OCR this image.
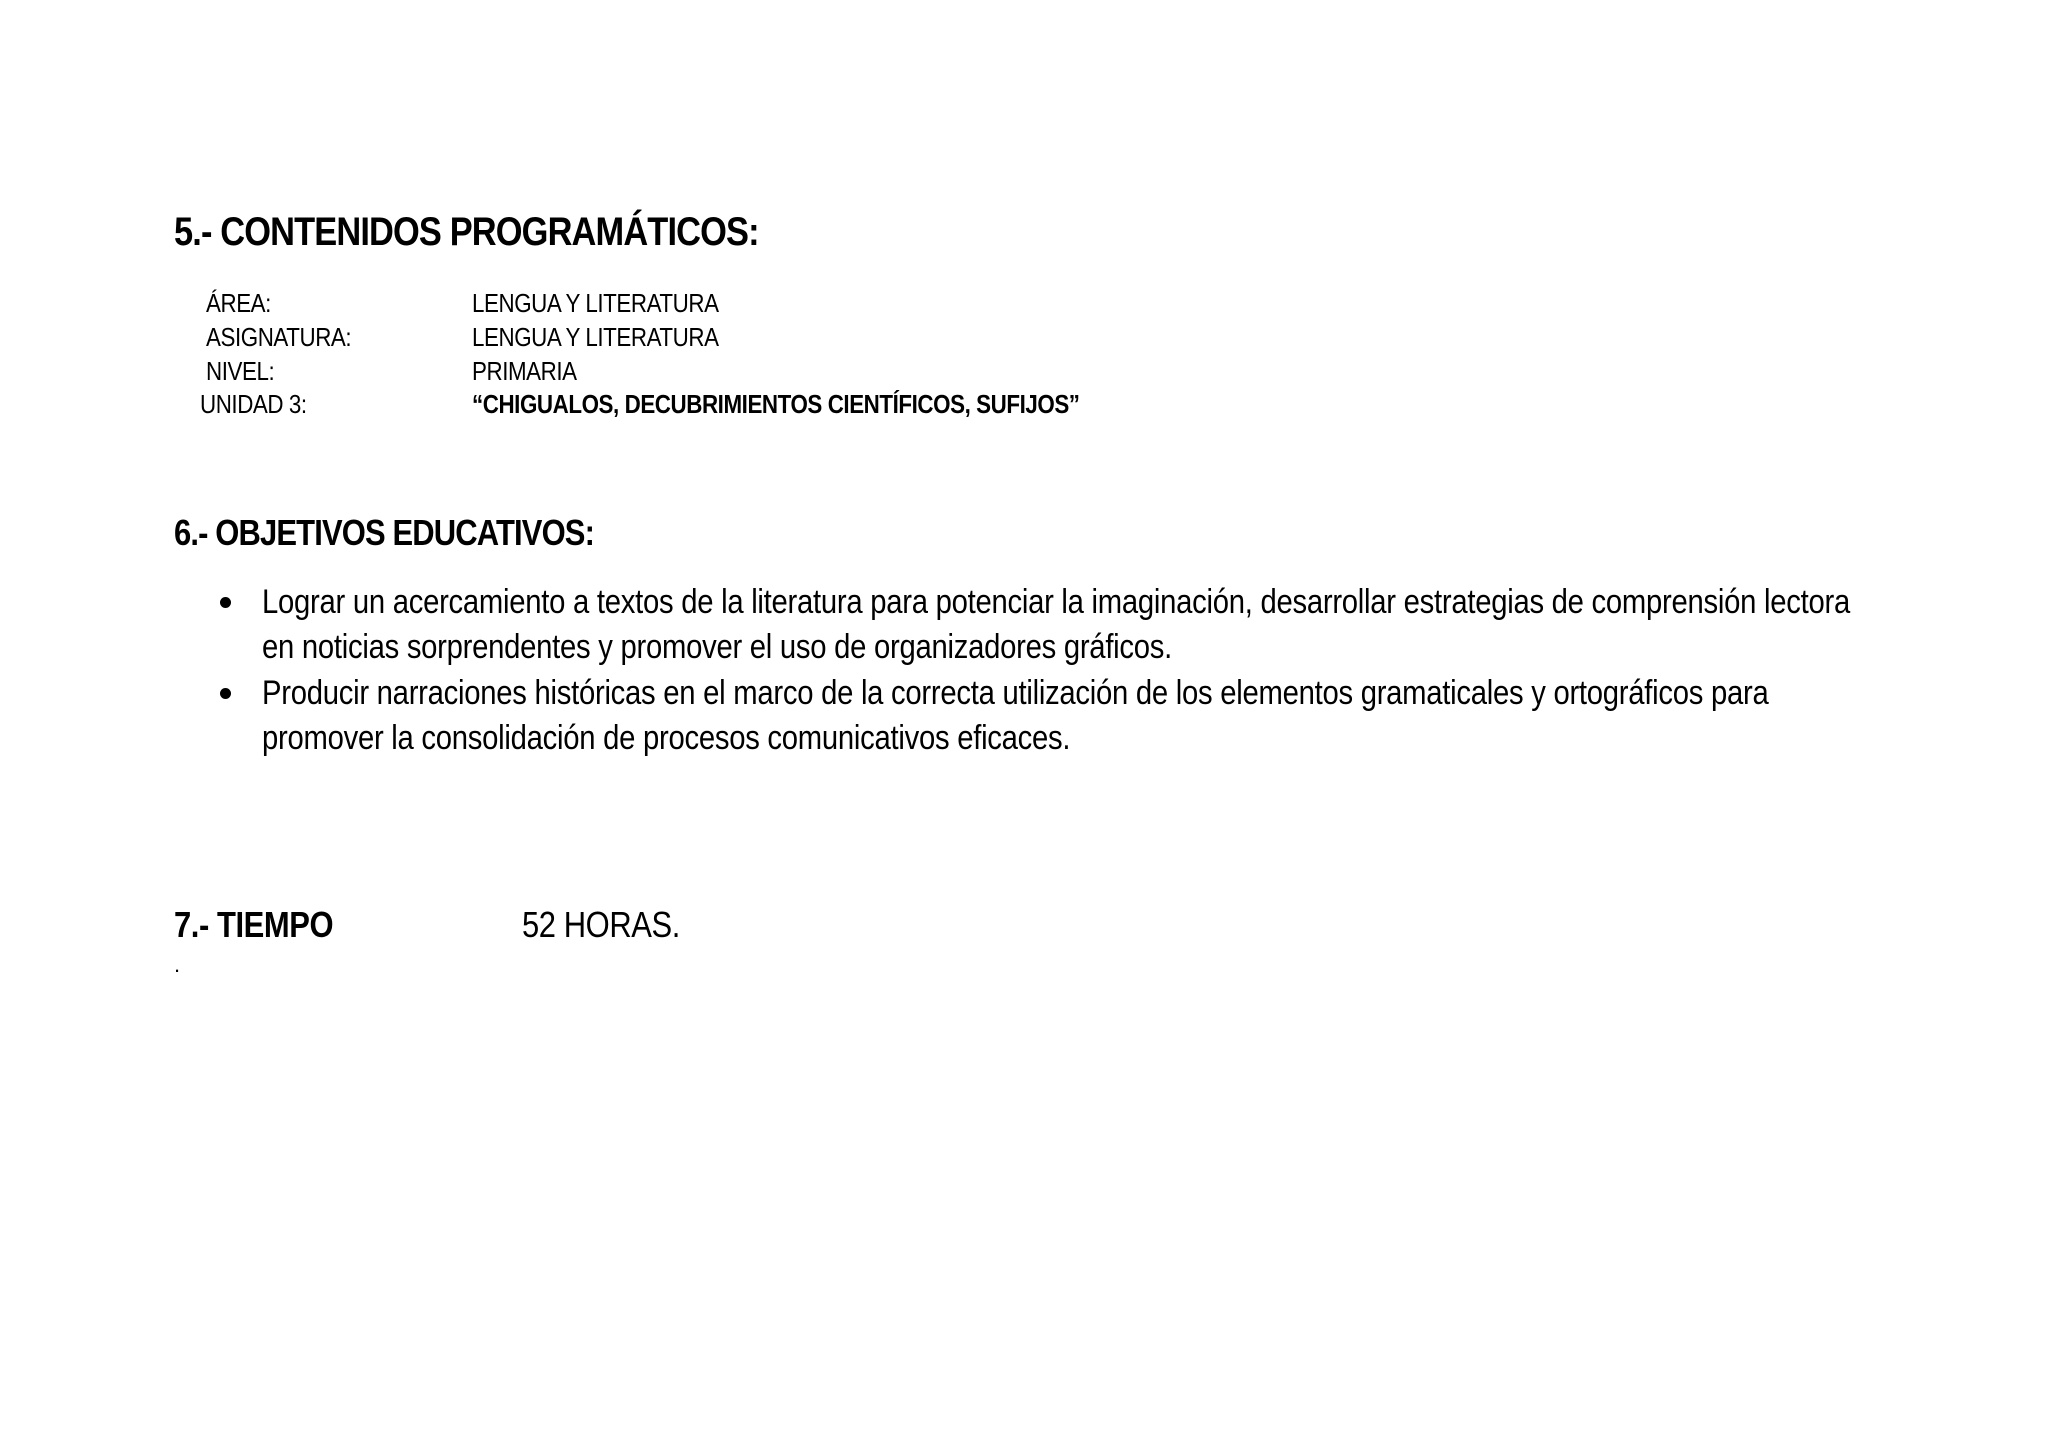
5.- CONTENIDOS PROGRAMÁTICOS:
ÁREA:	LENGUA Y LITERATURA
ASIGNATURA:	LENGUA Y LITERATURA
NIVEL:	PRIMARIA
UNIDAD 3:	“CHIGUALOS, DECUBRIMIENTOS CIENTÍFICOS, SUFIJOS”
6.- OBJETIVOS EDUCATIVOS:
Lograr un acercamiento a textos de la literatura para potenciar la imaginación, desarrollar estrategias de comprensión lectora en noticias sorprendentes y promover el uso de organizadores gráficos.
Producir narraciones históricas en el marco de la correcta utilización de los elementos gramaticales y ortográficos para promover la consolidación de procesos comunicativos eficaces.
7.- TIEMPO	52 HORAS.
.
